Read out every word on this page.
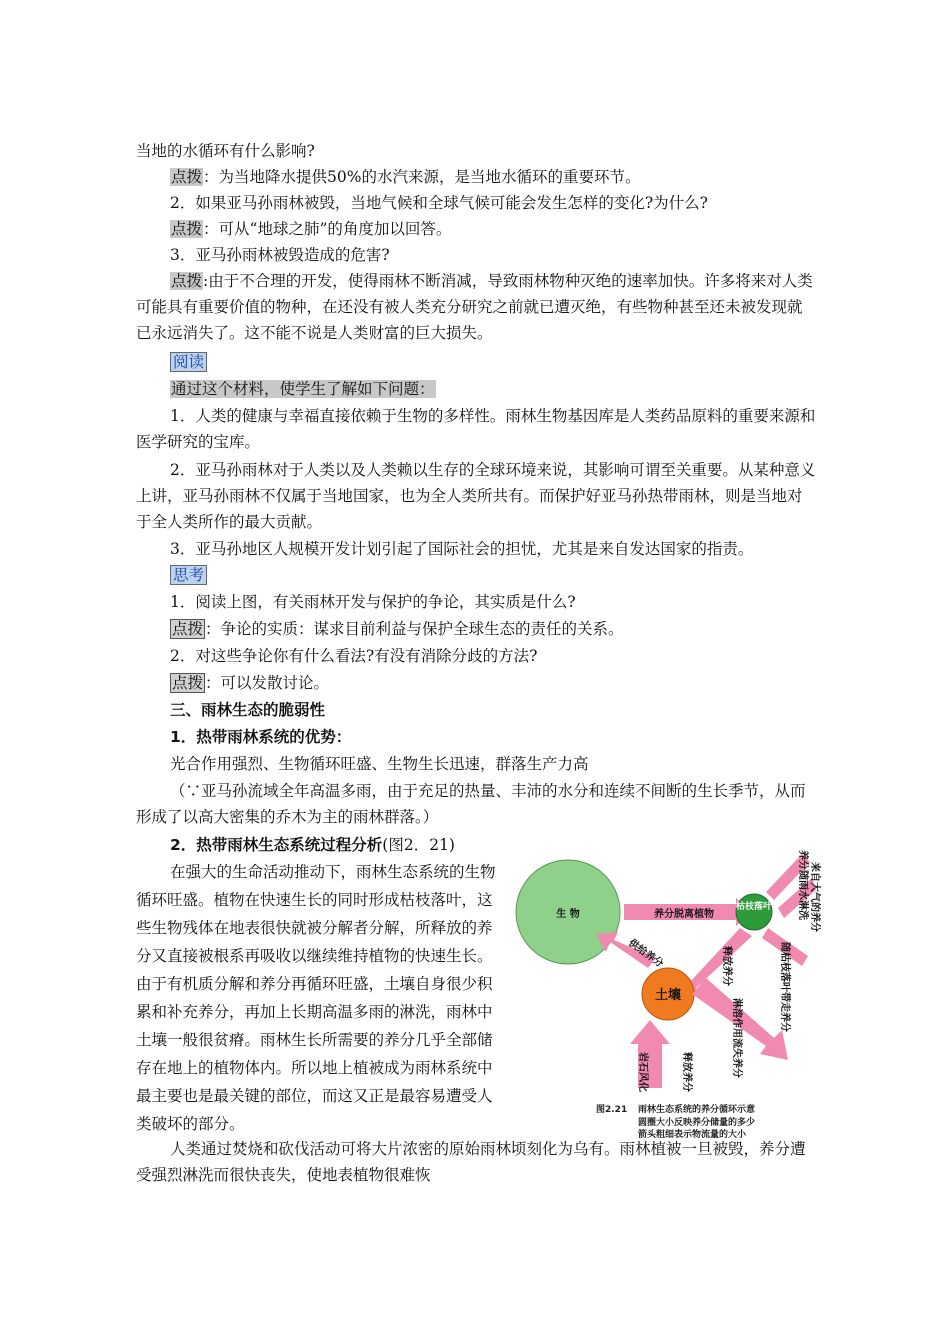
当地的水循环有什么影响?

点拨：为当地降水提供50%的水汽来源，是当地水循环的重要环节。

2．如果亚马孙雨林被毁，当地气候和全球气候可能会发生怎样的变化?为什么?

点拨：可从“地球之肺”的角度加以回答。

3．亚马孙雨林被毁造成的危害?

点拨:由于不合理的开发，使得雨林不断消减，导致雨林物种灭绝的速率加快。许多将来对人类可能具有重要价值的物种，在还没有被人类充分研究之前就已遭灭绝，有些物种甚至还未被发现就已永远消失了。这不能不说是人类财富的巨大损失。

阅读

通过这个材料，使学生了解如下问题：

1．人类的健康与幸福直接依赖于生物的多样性。雨林生物基因库是人类药品原料的重要来源和医学研究的宝库。

2．亚马孙雨林对于人类以及人类赖以生存的全球环境来说，其影响可谓至关重要。从某种意义上讲，亚马孙雨林不仅属于当地国家，也为全人类所共有。而保护好亚马孙热带雨林，则是当地对于全人类所作的最大贡献。

3．亚马孙地区人规模开发计划引起了国际社会的担忧，尤其是来自发达国家的指责。

思考

1．阅读上图，有关雨林开发与保护的争论，其实质是什么?

点拨 ：争论的实质：谋求目前利益与保护全球生态的责任的关系。

2．对这些争论你有什么看法?有没有消除分歧的方法?

点拨 ：可以发散讨论。

三、雨林生态的脆弱性

1．热带雨林系统的优势：

光合作用强烈、生物循环旺盛、生物生长迅速，群落生产力高

（∵亚马孙流域全年高温多雨，由于充足的热量、丰沛的水分和连续不间断的生长季节，从而形成了以高大密集的乔木为主的雨林群落。）

2．热带雨林生态系统过程分析(图2．21)

在强大的生命活动推动下，雨林生态系统的生物循环旺盛。植物在快速生长的同时形成枯枝落叶，这些生物残体在地表很快就被分解者分解，所释放的养分又直接被根系再吸收以继续维持植物的快速生长。由于有机质分解和养分再循环旺盛，土壤自身很少积累和补充养分，再加上长期高温多雨的淋洗，雨林中土壤一般很贫瘠。雨林生长所需要的养分几乎全部储存在地上的植物体内。所以地上植被成为雨林系统中最主要也是最关键的部位，而这又正是最容易遭受人类破坏的部分。

生 物	养分脱离植物
枯枝落叶
供给养分	释放养分
养分随雨水淋洗 来自大气的养分
随枯枝落叶带走养分
土壤
淋溶作用流失养分
岩石风化	释放养分
图2.21 雨林生态系统的养分循环示意
圆圈大小反映养分储量的多少
箭头粗细表示物流量的大小

人类通过焚烧和砍伐活动可将大片浓密的原始雨林顷刻化为乌有。雨林植被一旦被毁，养分遭受强烈淋洗而很快丧失，使地表植物很难恢
